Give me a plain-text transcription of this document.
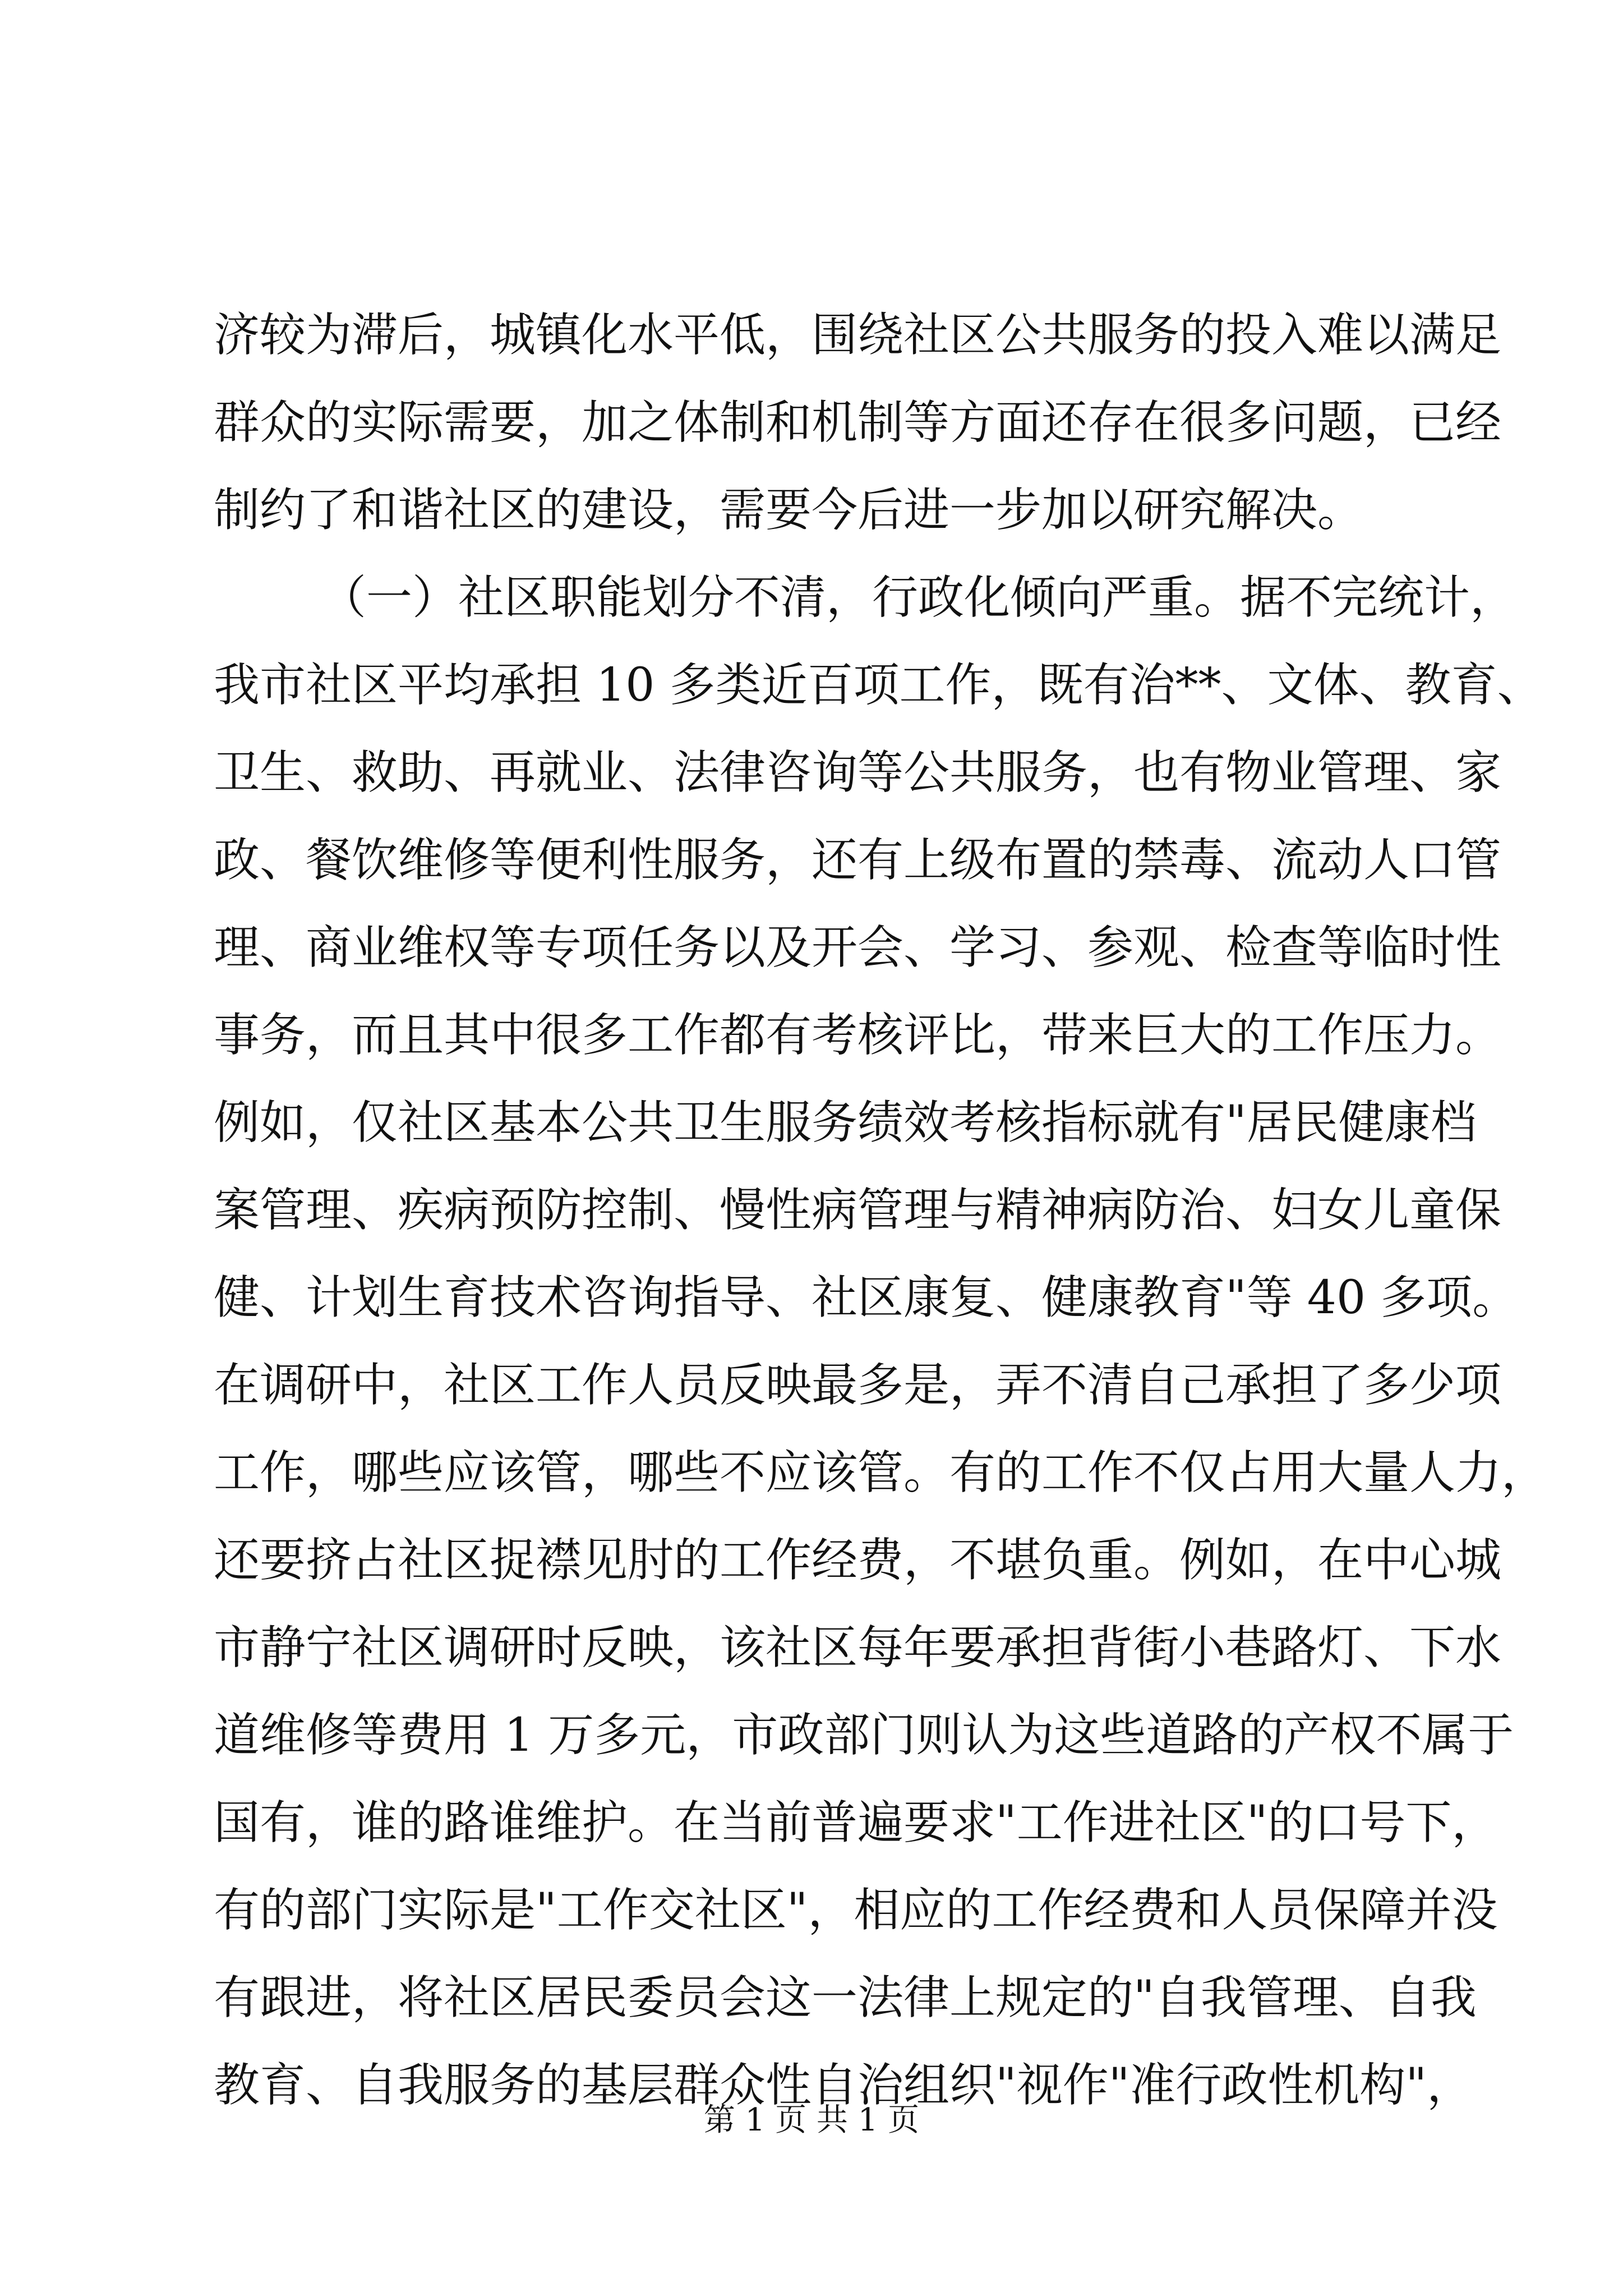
济较为滞后，城镇化水平低，围绕社区公共服务的投入难以满足
群众的实际需要，加之体制和机制等方面还存在很多问题，已经
制约了和谐社区的建设，需要今后进一步加以研究解决。
（一）社区职能划分不清，行政化倾向严重。据不完统计，
我市社区平均承担 10 多类近百项工作，既有治**、文体、教育、
卫生、救助、再就业、法律咨询等公共服务，也有物业管理、家
政、餐饮维修等便利性服务，还有上级布置的禁毒、流动人口管
理、商业维权等专项任务以及开会、学习、参观、检查等临时性
事务，而且其中很多工作都有考核评比，带来巨大的工作压力。
例如，仅社区基本公共卫生服务绩效考核指标就有"居民健康档
案管理、疾病预防控制、慢性病管理与精神病防治、妇女儿童保
健、计划生育技术咨询指导、社区康复、健康教育"等 40 多项。
在调研中，社区工作人员反映最多是，弄不清自己承担了多少项
工作，哪些应该管，哪些不应该管。有的工作不仅占用大量人力，
还要挤占社区捉襟见肘的工作经费，不堪负重。例如，在中心城
市静宁社区调研时反映，该社区每年要承担背街小巷路灯、下水
道维修等费用 1 万多元，市政部门则认为这些道路的产权不属于
国有，谁的路谁维护。在当前普遍要求"工作进社区"的口号下，
有的部门实际是"工作交社区"，相应的工作经费和人员保障并没
有跟进，将社区居民委员会这一法律上规定的"自我管理、自我
教育、自我服务的基层群众性自治组织"视作"准行政性机构"，
第 1 页 共 1 页
